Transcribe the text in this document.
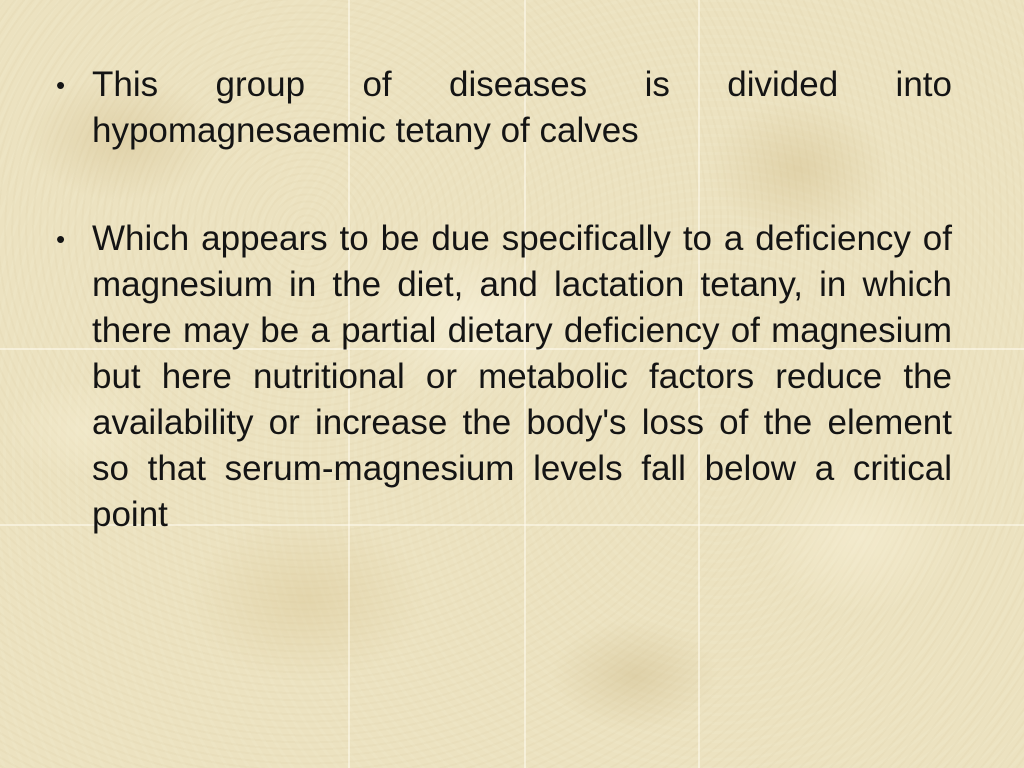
• This group of diseases is divided into hypomagnesaemic tetany of calves

• Which appears to be due specifically to a deficiency of magnesium in the diet, and lactation tetany, in which there may be a partial dietary deficiency of magnesium but here nutritional or metabolic factors reduce the availability or increase the body's loss of the element so that serum-magnesium levels fall below a critical point
